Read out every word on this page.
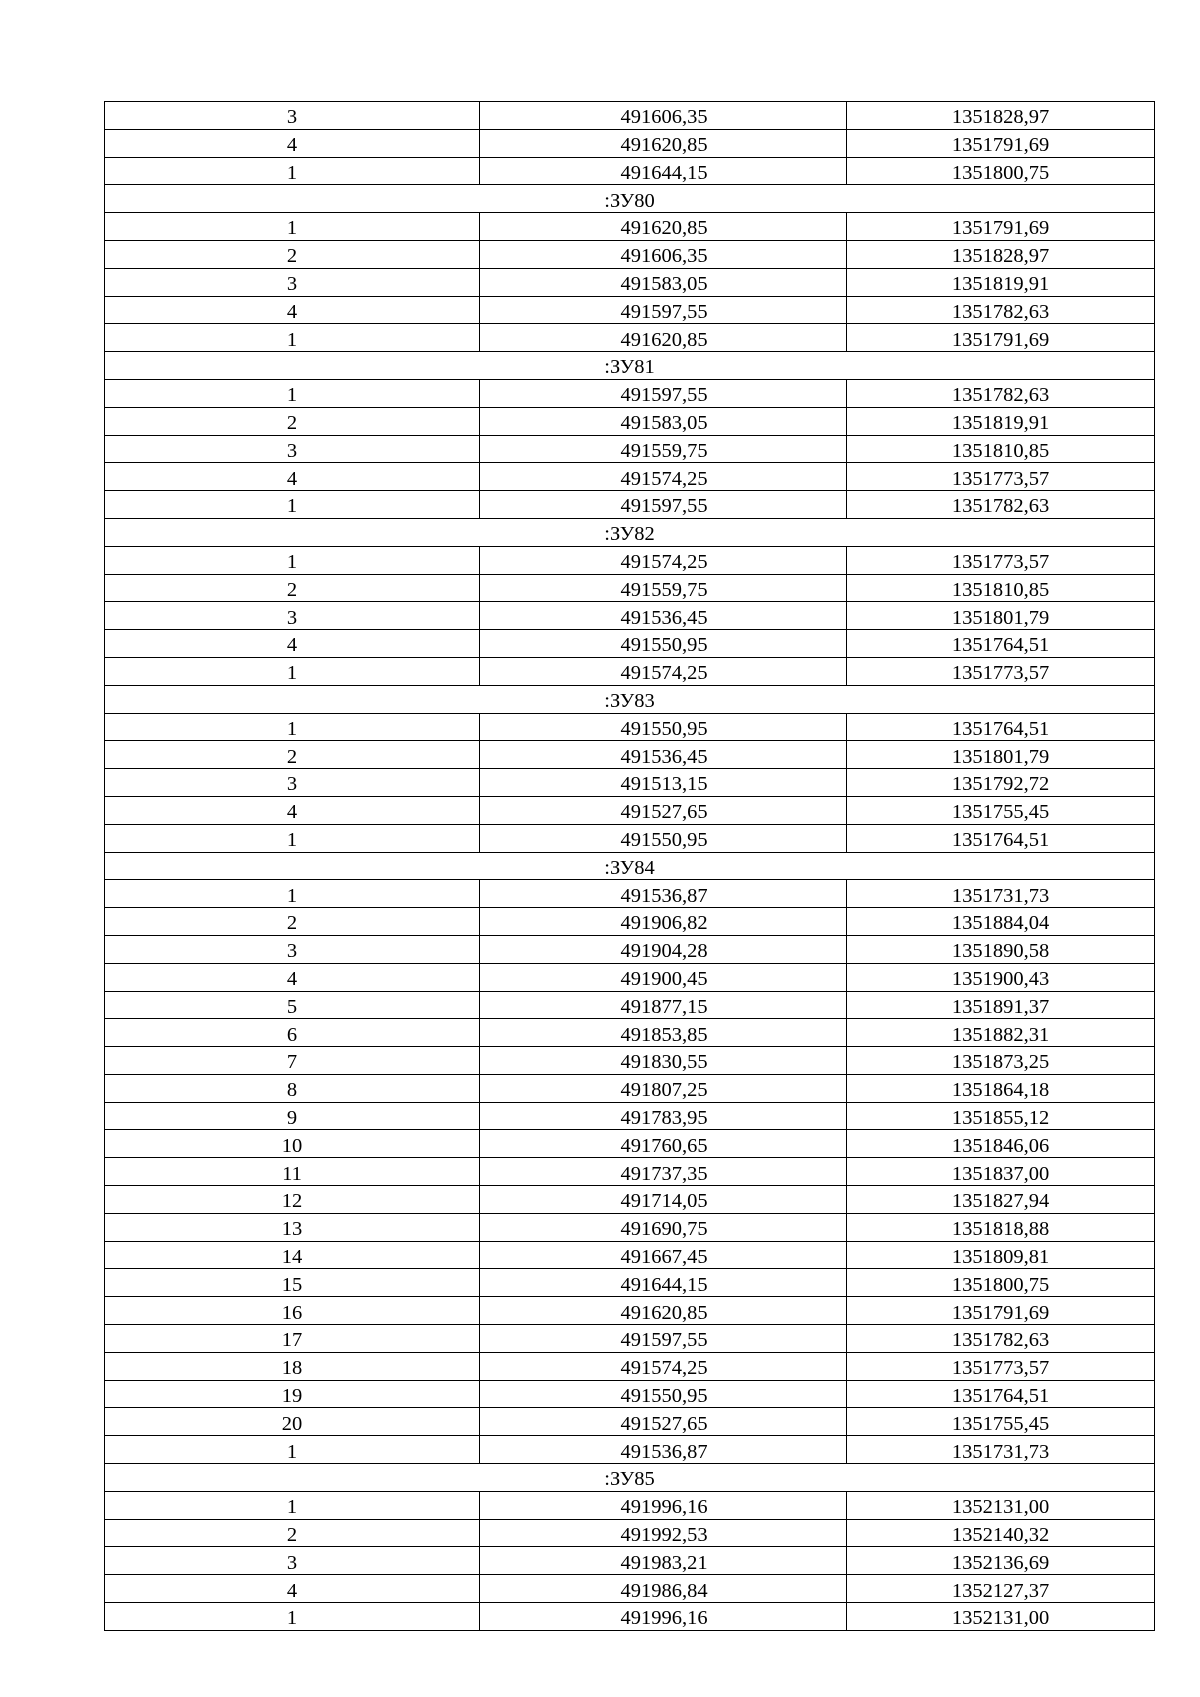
3	491606,35	1351828,97
4	491620,85	1351791,69
1	491644,15	1351800,75
:ЗУ80		
1	491620,85	1351791,69
2	491606,35	1351828,97
3	491583,05	1351819,91
4	491597,55	1351782,63
1	491620,85	1351791,69
:ЗУ81		
1	491597,55	1351782,63
2	491583,05	1351819,91
3	491559,75	1351810,85
4	491574,25	1351773,57
1	491597,55	1351782,63
:ЗУ82		
1	491574,25	1351773,57
2	491559,75	1351810,85
3	491536,45	1351801,79
4	491550,95	1351764,51
1	491574,25	1351773,57
:ЗУ83		
1	491550,95	1351764,51
2	491536,45	1351801,79
3	491513,15	1351792,72
4	491527,65	1351755,45
1	491550,95	1351764,51
:ЗУ84		
1	491536,87	1351731,73
2	491906,82	1351884,04
3	491904,28	1351890,58
4	491900,45	1351900,43
5	491877,15	1351891,37
6	491853,85	1351882,31
7	491830,55	1351873,25
8	491807,25	1351864,18
9	491783,95	1351855,12
10	491760,65	1351846,06
11	491737,35	1351837,00
12	491714,05	1351827,94
13	491690,75	1351818,88
14	491667,45	1351809,81
15	491644,15	1351800,75
16	491620,85	1351791,69
17	491597,55	1351782,63
18	491574,25	1351773,57
19	491550,95	1351764,51
20	491527,65	1351755,45
1	491536,87	1351731,73
:ЗУ85		
1	491996,16	1352131,00
2	491992,53	1352140,32
3	491983,21	1352136,69
4	491986,84	1352127,37
1	491996,16	1352131,00
